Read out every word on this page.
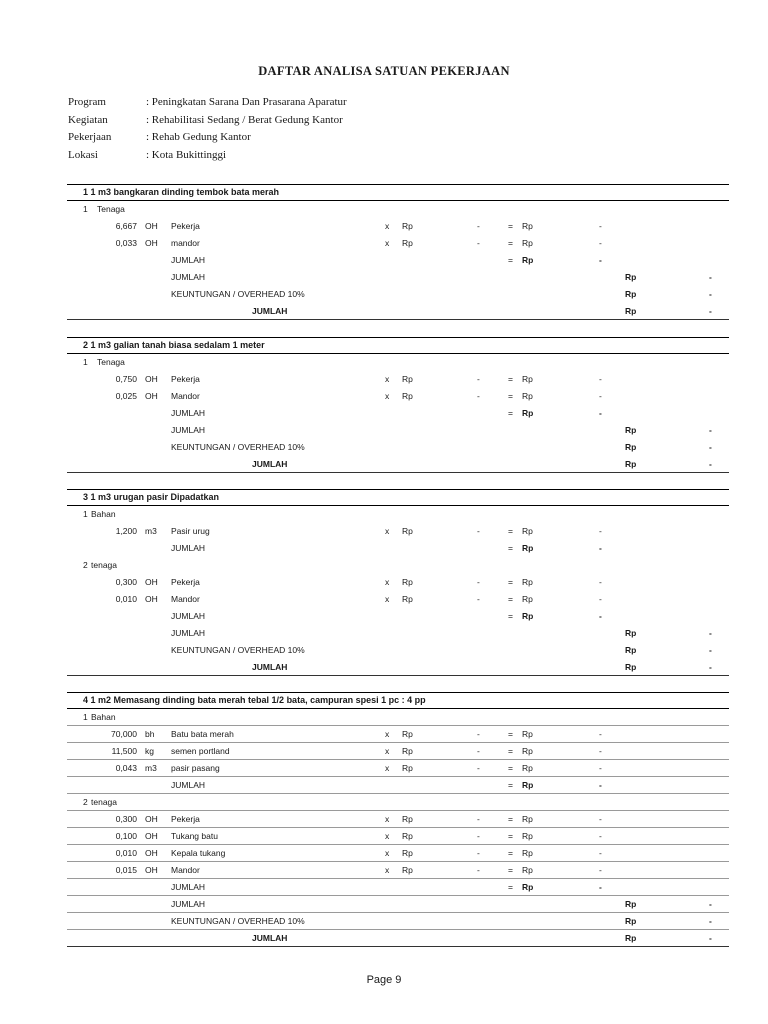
DAFTAR ANALISA SATUAN PEKERJAAN
Program	: Peningkatan Sarana Dan Prasarana Aparatur
Kegiatan	: Rehabilitasi Sedang / Berat Gedung Kantor
Pekerjaan	: Rehab Gedung Kantor
Lokasi	: Kota Bukittinggi
1 1 m3 bangkaran dinding tembok bata merah
1 Tenaga
6,667 OH Pekerja	x Rp	-	= Rp	-
0,033 OH mandor	x Rp	-	= Rp	-
JUMLAH	= Rp	-
JUMLAH	Rp	-
KEUNTUNGAN / OVERHEAD 10%	Rp	-
JUMLAH	Rp	-
2 1 m3 galian tanah biasa sedalam 1 meter
1 Tenaga
0,750 OH Pekerja	x Rp	-	= Rp	-
0,025 OH Mandor	x Rp	-	= Rp	-
JUMLAH	= Rp	-
JUMLAH	Rp	-
KEUNTUNGAN / OVERHEAD 10%	Rp	-
JUMLAH	Rp	-
3 1 m3 urugan pasir Dipadatkan
1 Bahan
1,200 m3 Pasir urug	x Rp	-	= Rp	-
JUMLAH	= Rp	-
2 tenaga
0,300 OH Pekerja	x Rp	-	= Rp	-
0,010 OH Mandor	x Rp	-	= Rp	-
JUMLAH	= Rp	-
JUMLAH	Rp	-
KEUNTUNGAN / OVERHEAD 10%	Rp	-
JUMLAH	Rp	-
4 1 m2 Memasang dinding bata merah tebal 1/2 bata, campuran spesi 1 pc : 4 pp
1 Bahan
70,000 bh Batu bata merah	x Rp	-	= Rp	-
11,500 kg semen portland	x Rp	-	= Rp	-
0,043 m3 pasir pasang	x Rp	-	= Rp	-
JUMLAH	= Rp	-
2 tenaga
0,300 OH Pekerja	x Rp	-	= Rp	-
0,100 OH Tukang batu	x Rp	-	= Rp	-
0,010 OH Kepala tukang	x Rp	-	= Rp	-
0,015 OH Mandor	x Rp	-	= Rp	-
JUMLAH	= Rp	-
JUMLAH	Rp	-
KEUNTUNGAN / OVERHEAD 10%	Rp	-
JUMLAH	Rp	-
Page 9
